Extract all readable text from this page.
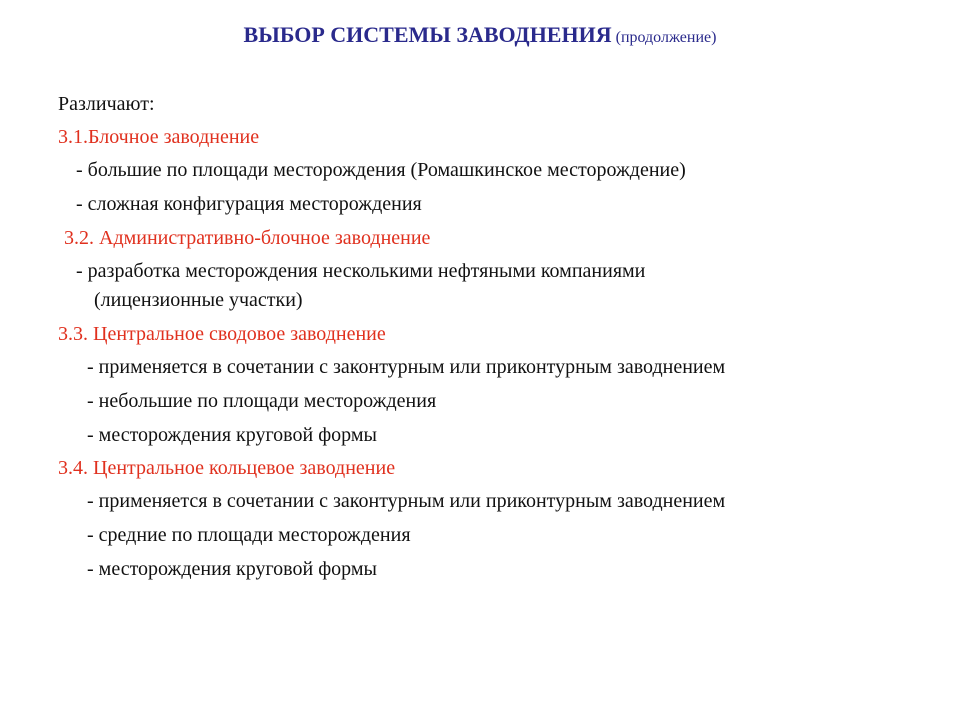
ВЫБОР СИСТЕМЫ ЗАВОДНЕНИЯ (продолжение)
Различают:
3.1.Блочное заводнение
- большие по площади месторождения (Ромашкинское месторождение)
- сложная конфигурация месторождения
3.2. Административно-блочное заводнение
- разработка месторождения несколькими нефтяными компаниями
(лицензионные участки)
3.3. Центральное сводовое заводнение
- применяется в сочетании с законтурным или приконтурным заводнением
- небольшие по площади месторождения
- месторождения круговой формы
3.4. Центральное кольцевое заводнение
- применяется в сочетании с законтурным или приконтурным заводнением
- средние по площади месторождения
- месторождения круговой формы
